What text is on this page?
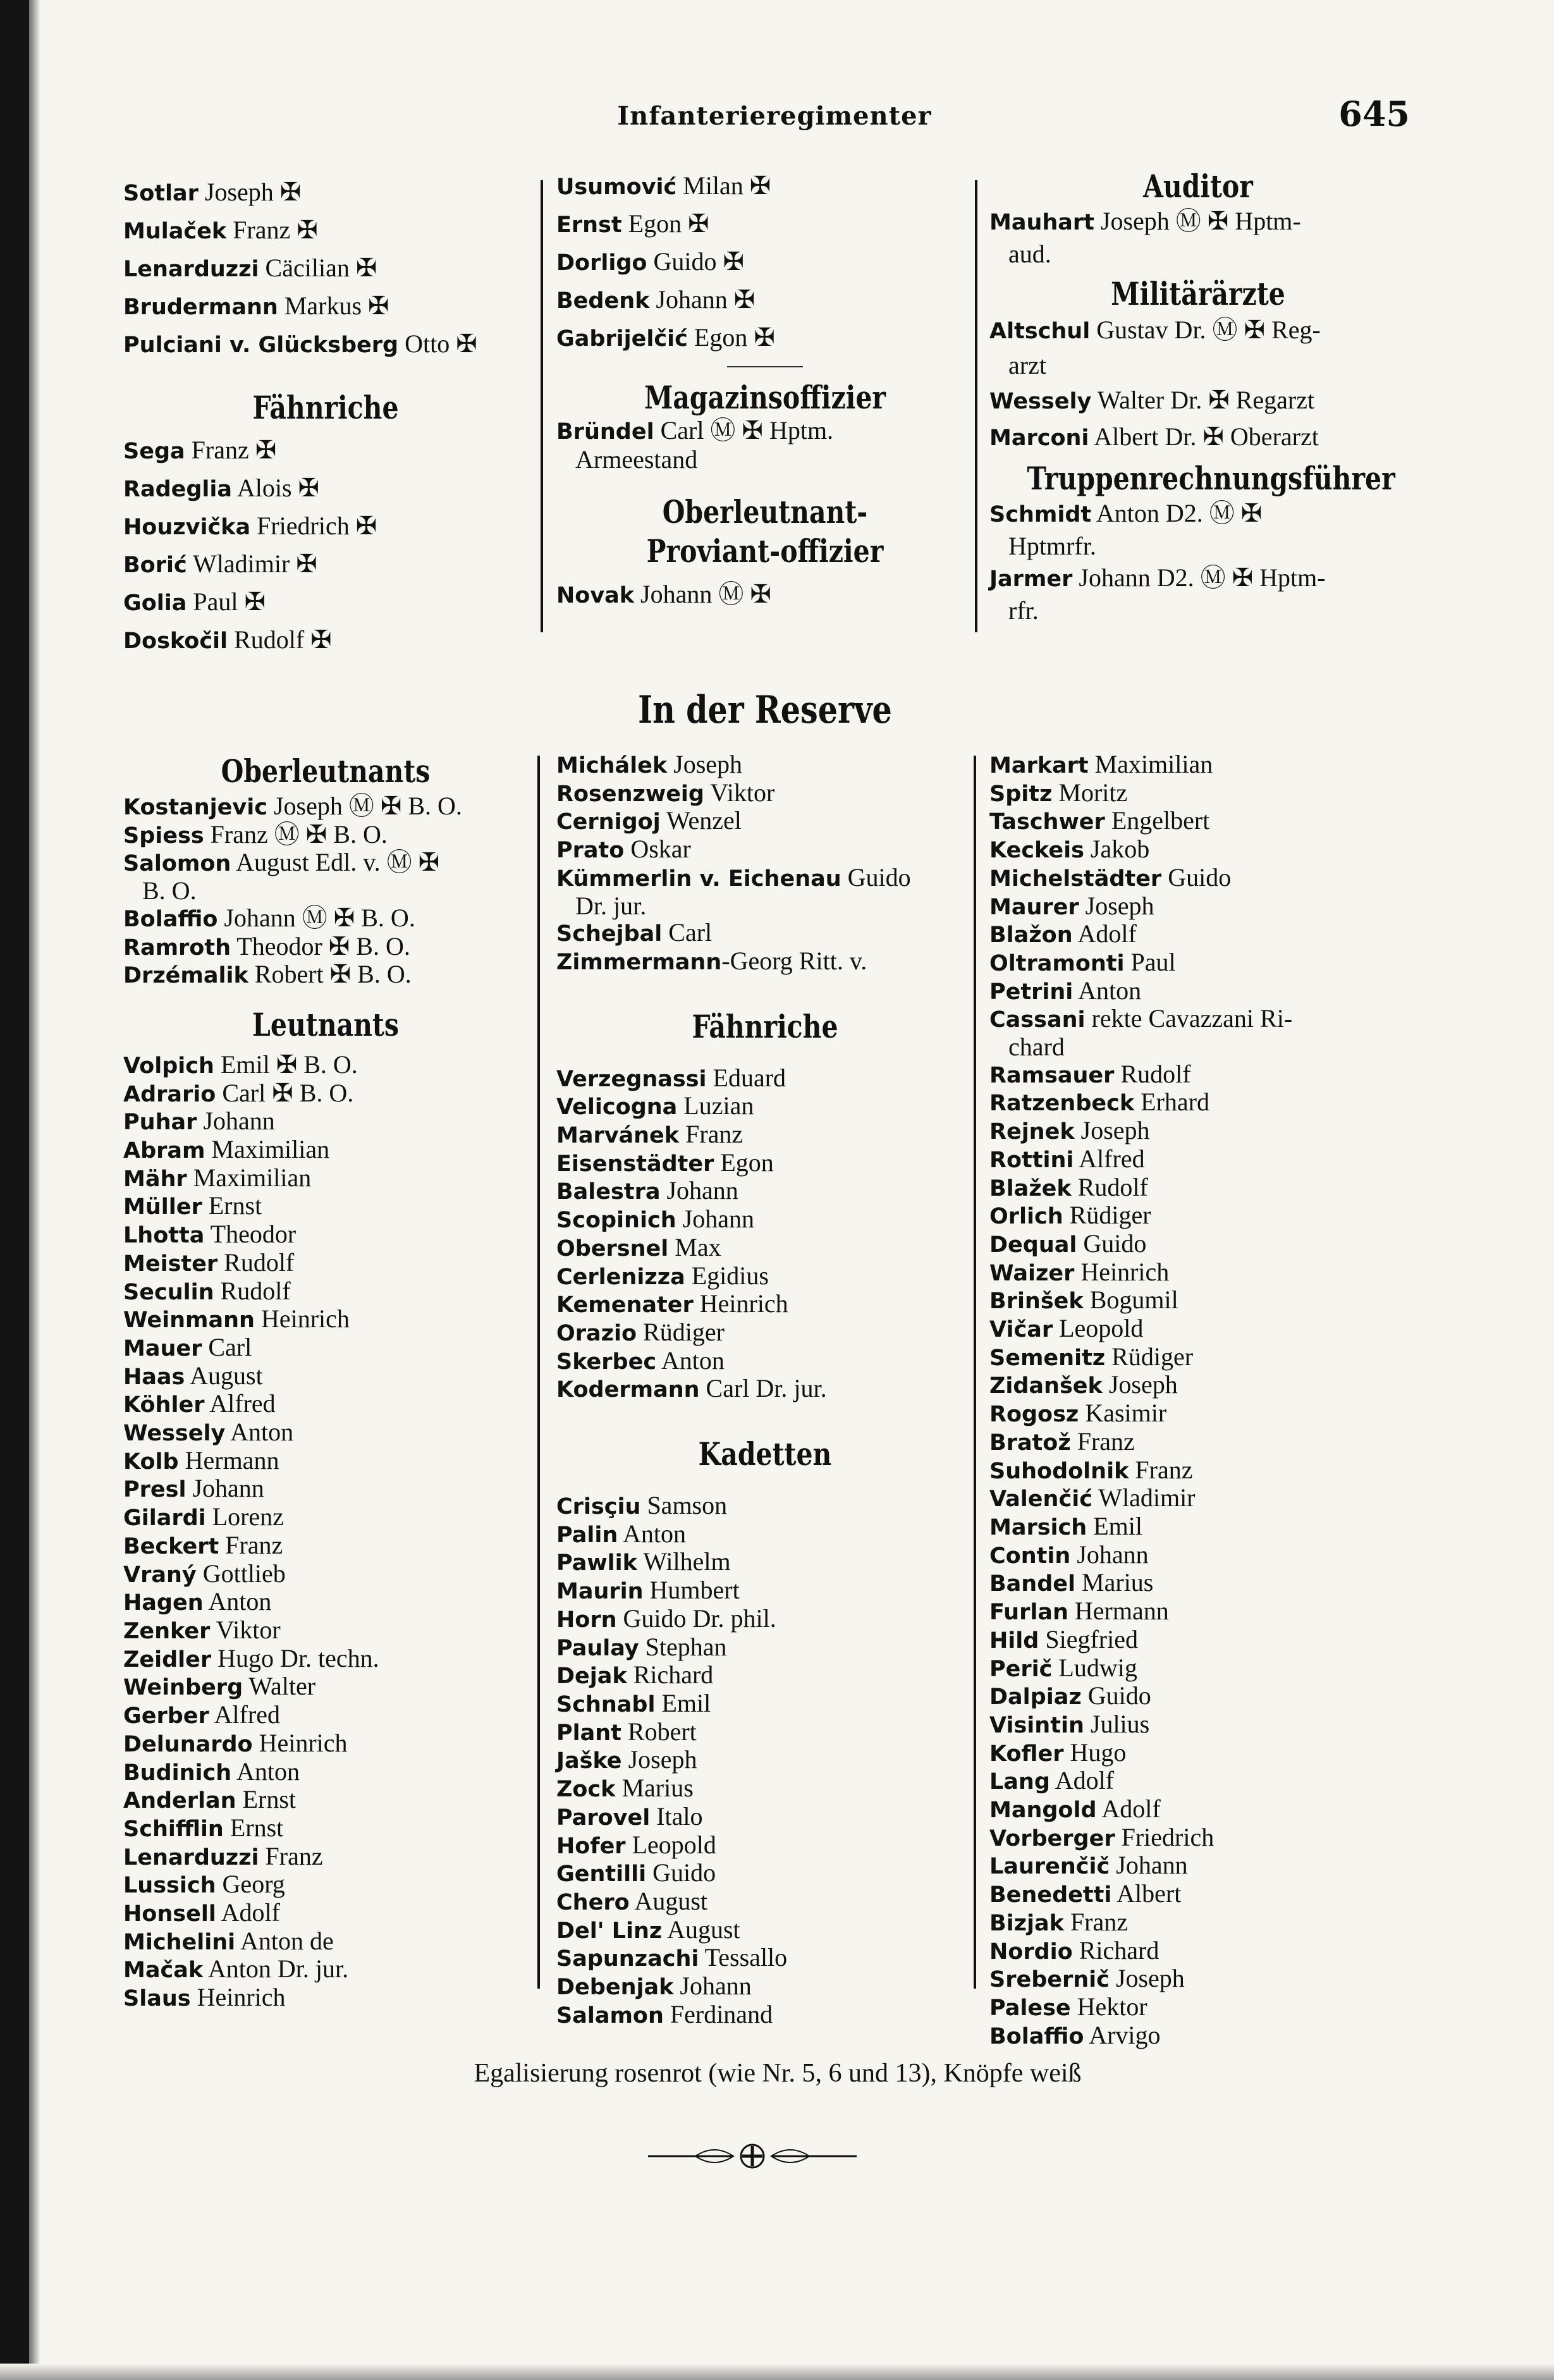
Infanterieregimenter	645
Sotlar Joseph ✠
Mulaček Franz ✠
Lenarduzzi Cäcilian ✠
Brudermann Markus ✠
Pulciani v. Glücksberg Otto ✠
Fähnriche
Sega Franz ✠
Radeglia Alois ✠
Houzvička Friedrich ✠
Borić Wladimir ✠
Golia Paul ✠
Doskočil Rudolf ✠
Usumović Milan ✠
Ernst Egon ✠
Dorligo Guido ✠
Bedenk Johann ✠
Gabrijelčić Egon ✠
Magazinsoffizier
Bründel Carl Ⓜ ✠ Hptm.
Armeestand
Oberleutnant-Proviant-offizier
Novak Johann Ⓜ ✠
Auditor
Mauhart Joseph Ⓜ ✠ Hptm-
aud.
Militärärzte
Altschul Gustav Dr. Ⓜ ✠ Reg-
arzt
Wessely Walter Dr. ✠ Regarzt
Marconi Albert Dr. ✠ Oberarzt
Truppenrechnungsführer
Schmidt Anton D2. Ⓜ ✠
Hptmrfr.
Jarmer Johann D2. Ⓜ ✠ Hptm-
rfr.
In der Reserve
Oberleutnants
Kostanjevic Joseph Ⓜ ✠ B. O.
Spiess Franz Ⓜ ✠ B. O.
Salomon August Edl. v. Ⓜ ✠
B. O.
Bolaffio Johann Ⓜ ✠ B. O.
Ramroth Theodor ✠ B. O.
Drzémalik Robert ✠ B. O.
Leutnants
Volpich Emil ✠ B. O.
Adrario Carl ✠ B. O.
Puhar Johann
Abram Maximilian
Mähr Maximilian
Müller Ernst
Lhotta Theodor
Meister Rudolf
Seculin Rudolf
Weinmann Heinrich
Mauer Carl
Haas August
Köhler Alfred
Wessely Anton
Kolb Hermann
Presl Johann
Gilardi Lorenz
Beckert Franz
Vraný Gottlieb
Hagen Anton
Zenker Viktor
Zeidler Hugo Dr. techn.
Weinberg Walter
Gerber Alfred
Delunardo Heinrich
Budinich Anton
Anderlan Ernst
Schifflin Ernst
Lenarduzzi Franz
Lussich Georg
Honsell Adolf
Michelini Anton de
Mačak Anton Dr. jur.
Slaus Heinrich
Michálek Joseph
Rosenzweig Viktor
Cernigoj Wenzel
Prato Oskar
Kümmerlin v. Eichenau Guido
Dr. jur.
Schejbal Carl
Zimmermann-Georg Ritt. v.
Fähnriche
Verzegnassi Eduard
Velicogna Luzian
Marvánek Franz
Eisenstädter Egon
Balestra Johann
Scopinich Johann
Obersnel Max
Cerlenizza Egidius
Kemenater Heinrich
Orazio Rüdiger
Skerbec Anton
Kodermann Carl Dr. jur.
Kadetten
Crisçiu Samson
Palin Anton
Pawlik Wilhelm
Maurin Humbert
Horn Guido Dr. phil.
Paulay Stephan
Dejak Richard
Schnabl Emil
Plant Robert
Jaške Joseph
Zock Marius
Parovel Italo
Hofer Leopold
Gentilli Guido
Chero August
Del' Linz August
Sapunzachi Tessallo
Debenjak Johann
Salamon Ferdinand
Markart Maximilian
Spitz Moritz
Taschwer Engelbert
Keckeis Jakob
Michelstädter Guido
Maurer Joseph
Blažon Adolf
Oltramonti Paul
Petrini Anton
Cassani rekte Cavazzani Ri-
chard
Ramsauer Rudolf
Ratzenbeck Erhard
Rejnek Joseph
Rottini Alfred
Blažek Rudolf
Orlich Rüdiger
Dequal Guido
Waizer Heinrich
Brinšek Bogumil
Vičar Leopold
Semenitz Rüdiger
Zidanšek Joseph
Rogosz Kasimir
Bratož Franz
Suhodolnik Franz
Valenčić Wladimir
Marsich Emil
Contin Johann
Bandel Marius
Furlan Hermann
Hild Siegfried
Perič Ludwig
Dalpiaz Guido
Visintin Julius
Kofler Hugo
Lang Adolf
Mangold Adolf
Vorberger Friedrich
Laurenčič Johann
Benedetti Albert
Bizjak Franz
Nordio Richard
Srebernič Joseph
Palese Hektor
Bolaffio Arvigo
Egalisierung rosenrot (wie Nr. 5, 6 und 13), Knöpfe weiß
